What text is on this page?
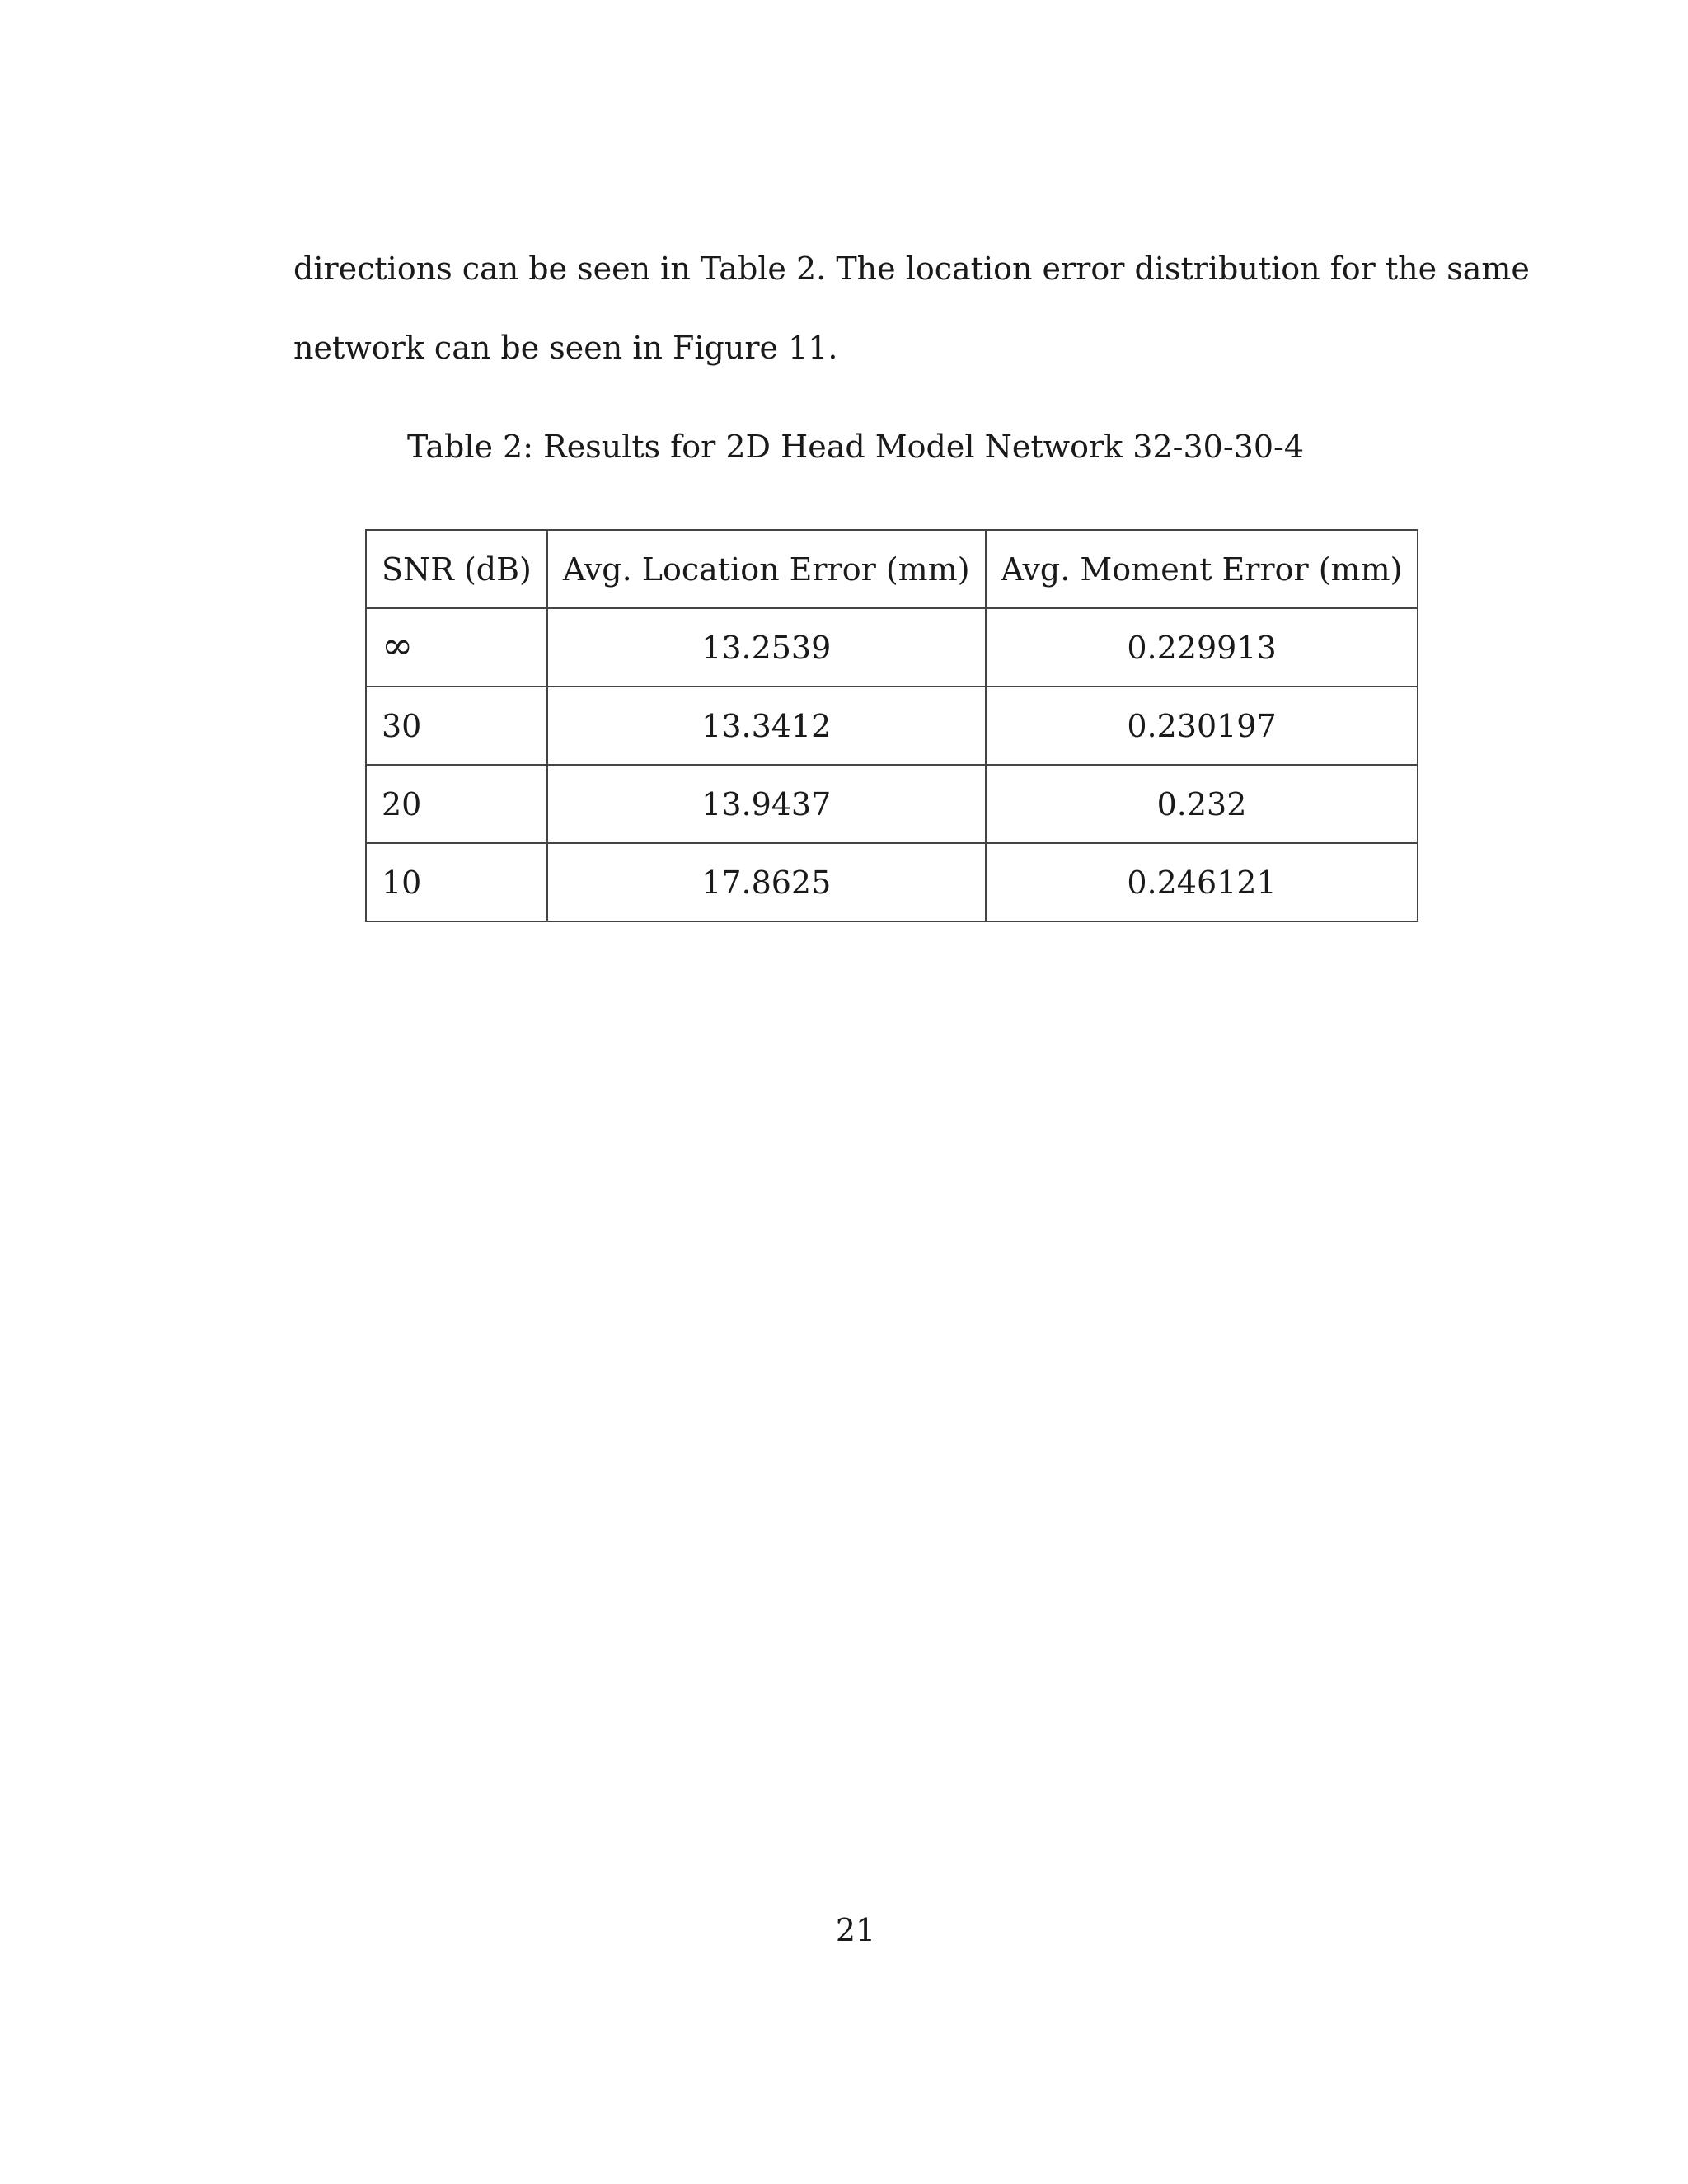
directions can be seen in Table 2. The location error distribution for the same
network can be seen in Figure 11.
Table 2: Results for 2D Head Model Network 32-30-30-4
SNR (dB)	Avg. Location Error (mm)	Avg. Moment Error (mm)
∞	13.2539	0.229913
30	13.3412	0.230197
20	13.9437	0.232
10	17.8625	0.246121
21
